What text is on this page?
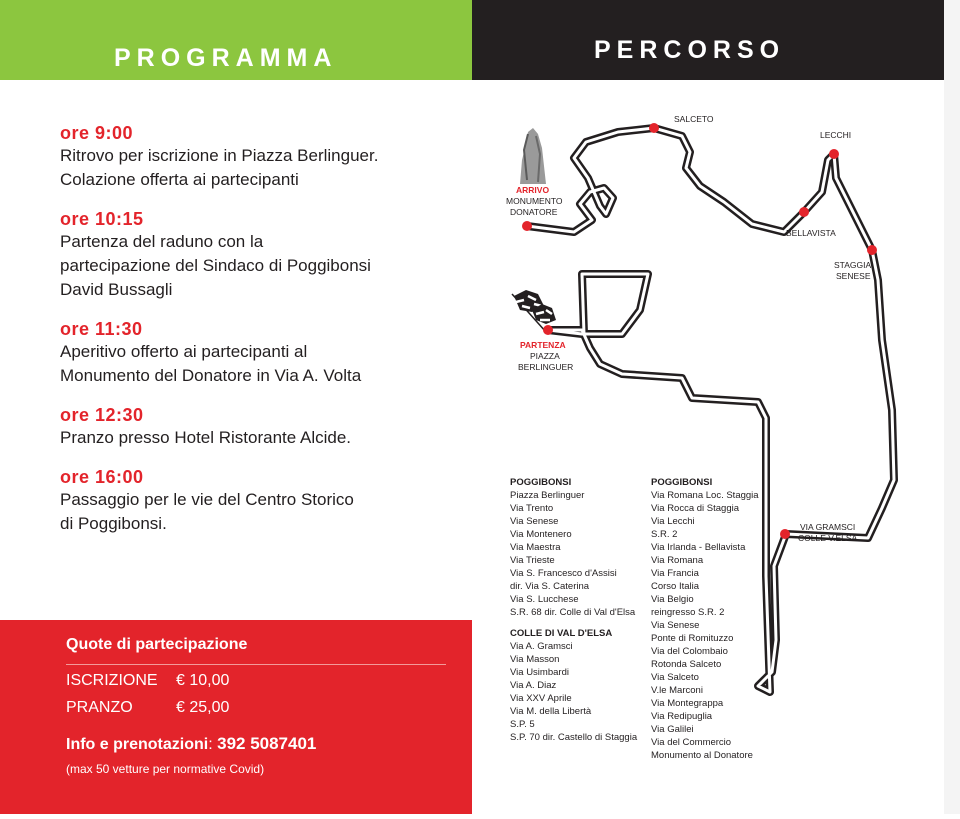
PROGRAMMA	PERCORSO
ore 9:00
Ritrovo per iscrizione in Piazza Berlinguer.
Colazione offerta ai partecipanti
ore 10:15
Partenza del raduno con la
partecipazione del Sindaco di Poggibonsi
David Bussagli
ore 11:30
Aperitivo offerto ai partecipanti al
Monumento del Donatore in Via A. Volta
ore 12:30
Pranzo presso Hotel Ristorante Alcide.
ore 16:00
Passaggio per le vie del Centro Storico
di Poggibonsi.
Quote di partecipazione
ISCRIZIONE € 10,00
PRANZO	€ 25,00
Info e prenotazioni: 392 5087401
(max 50 vetture per normative Covid)
SALCETO
LECCHI
BELLAVISTA
STAGGIA
SENESE
ARRIVO
MONUMENTO
DONATORE
PARTENZA
PIAZZA
BERLINGUER
VIA GRAMSCI
COLLE V.ELSA
POGGIBONSI
Piazza Berlinguer
Via Trento
Via Senese
Via Montenero
Via Maestra
Via Trieste
Via S. Francesco d'Assisi
dir. Via S. Caterina
Via S. Lucchese
S.R. 68 dir. Colle di Val d'Elsa
COLLE DI VAL D'ELSA
Via A. Gramsci
Via Masson
Via Usimbardi
Via A. Diaz
Via XXV Aprile
Via M. della Libertà
S.P. 5
S.P. 70 dir. Castello di Staggia
POGGIBONSI
Via Romana Loc. Staggia
Via Rocca di Staggia
Via Lecchi
S.R. 2
Via Irlanda - Bellavista
Via Romana
Via Francia
Corso Italia
Via Belgio
reingresso S.R. 2
Via Senese
Ponte di Romituzzo
Via del Colombaio
Rotonda Salceto
Via Salceto
V.le Marconi
Via Montegrappa
Via Redipuglia
Via Galilei
Via del Commercio
Monumento al Donatore
